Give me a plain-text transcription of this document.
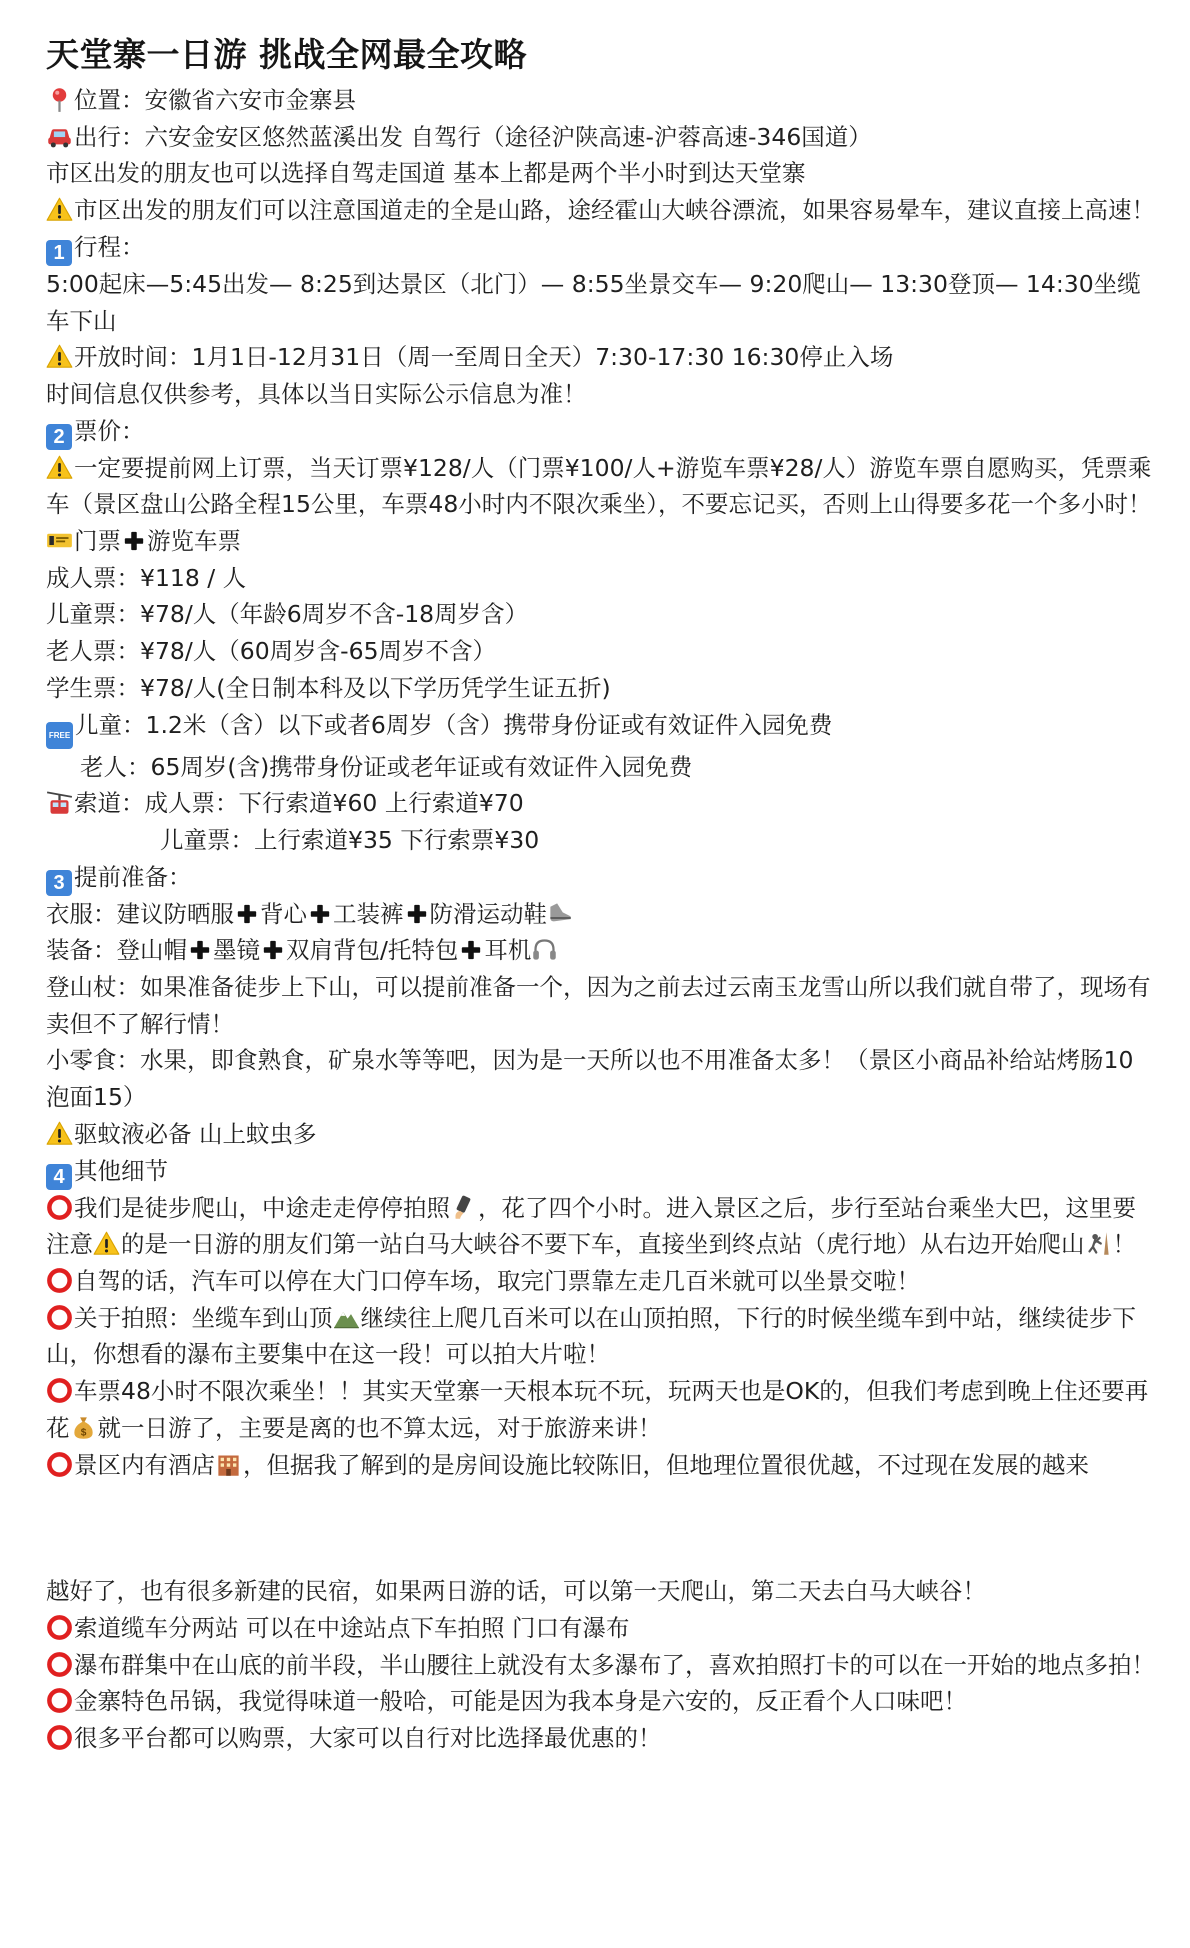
天堂寨一日游 挑战全网最全攻略

位置：安徽省六安市金寨县

出行：六安金安区悠然蓝溪出发 自驾行（途径沪陕高速-沪蓉高速-346国道）

市区出发的朋友也可以选择自驾走国道 基本上都是两个半小时到达天堂寨

市区出发的朋友们可以注意国道走的全是山路，途经霍山大峡谷漂流，如果容易晕车，建议直接上高速！

1 行程：

5:00起床—5:45出发— 8:25到达景区（北门）— 8:55坐景交车— 9:20爬山— 13:30登顶— 14:30坐缆车下山

开放时间：1月1日-12月31日（周一至周日全天）7:30-17:30 16:30停止入场

时间信息仅供参考，具体以当日实际公示信息为准！

2 票价：

一定要提前网上订票，当天订票¥128/人（门票¥100/人+游览车票¥28/人）游览车票自愿购买，凭票乘车（景区盘山公路全程15公里，车票48小时内不限次乘坐），不要忘记买，否则上山得要多花一个多小时！

门票 游览车票

成人票：¥118 / 人

儿童票：¥78/人（年龄6周岁不含-18周岁含）

老人票：¥78/人（60周岁含-65周岁不含）

学生票：¥78/人(全日制本科及以下学历凭学生证五折)

FREE 儿童：1.2米（含）以下或者6周岁（含）携带身份证或有效证件入园免费

老人：65周岁(含)携带身份证或老年证或有效证件入园免费

索道：成人票：下行索道¥60 上行索道¥70

儿童票：上行索道¥35 下行索票¥30

3 提前准备：

衣服：建议防晒服 背心 工装裤 防滑运动鞋

装备：登山帽 墨镜 双肩背包/托特包 耳机

登山杖：如果准备徒步上下山，可以提前准备一个，因为之前去过云南玉龙雪山所以我们就自带了，现场有卖但不了解行情！

小零食：水果，即食熟食，矿泉水等等吧，因为是一天所以也不用准备太多！（景区小商品补给站烤肠10泡面15）

驱蚊液必备 山上蚊虫多

4 其他细节

我们是徒步爬山，中途走走停停拍照 ，花了四个小时。进入景区之后，步行至站台乘坐大巴，这里要注意 的是一日游的朋友们第一站白马大峡谷不要下车，直接坐到终点站（虎行地）从右边开始爬山 ！

自驾的话，汽车可以停在大门口停车场，取完门票靠左走几百米就可以坐景交啦！

关于拍照：坐缆车到山顶 继续往上爬几百米可以在山顶拍照，下行的时候坐缆车到中站，继续徒步下山，你想看的瀑布主要集中在这一段！可以拍大片啦！

车票48小时不限次乘坐！！其实天堂寨一天根本玩不玩，玩两天也是OK的，但我们考虑到晚上住还要再花 $ 就一日游了，主要是离的也不算太远，对于旅游来讲！

景区内有酒店 ，但据我了解到的是房间设施比较陈旧，但地理位置很优越，不过现在发展的越来

越好了，也有很多新建的民宿，如果两日游的话，可以第一天爬山，第二天去白马大峡谷！

索道缆车分两站 可以在中途站点下车拍照 门口有瀑布

瀑布群集中在山底的前半段，半山腰往上就没有太多瀑布了，喜欢拍照打卡的可以在一开始的地点多拍！

金寨特色吊锅，我觉得味道一般哈，可能是因为我本身是六安的，反正看个人口味吧！

很多平台都可以购票，大家可以自行对比选择最优惠的！
